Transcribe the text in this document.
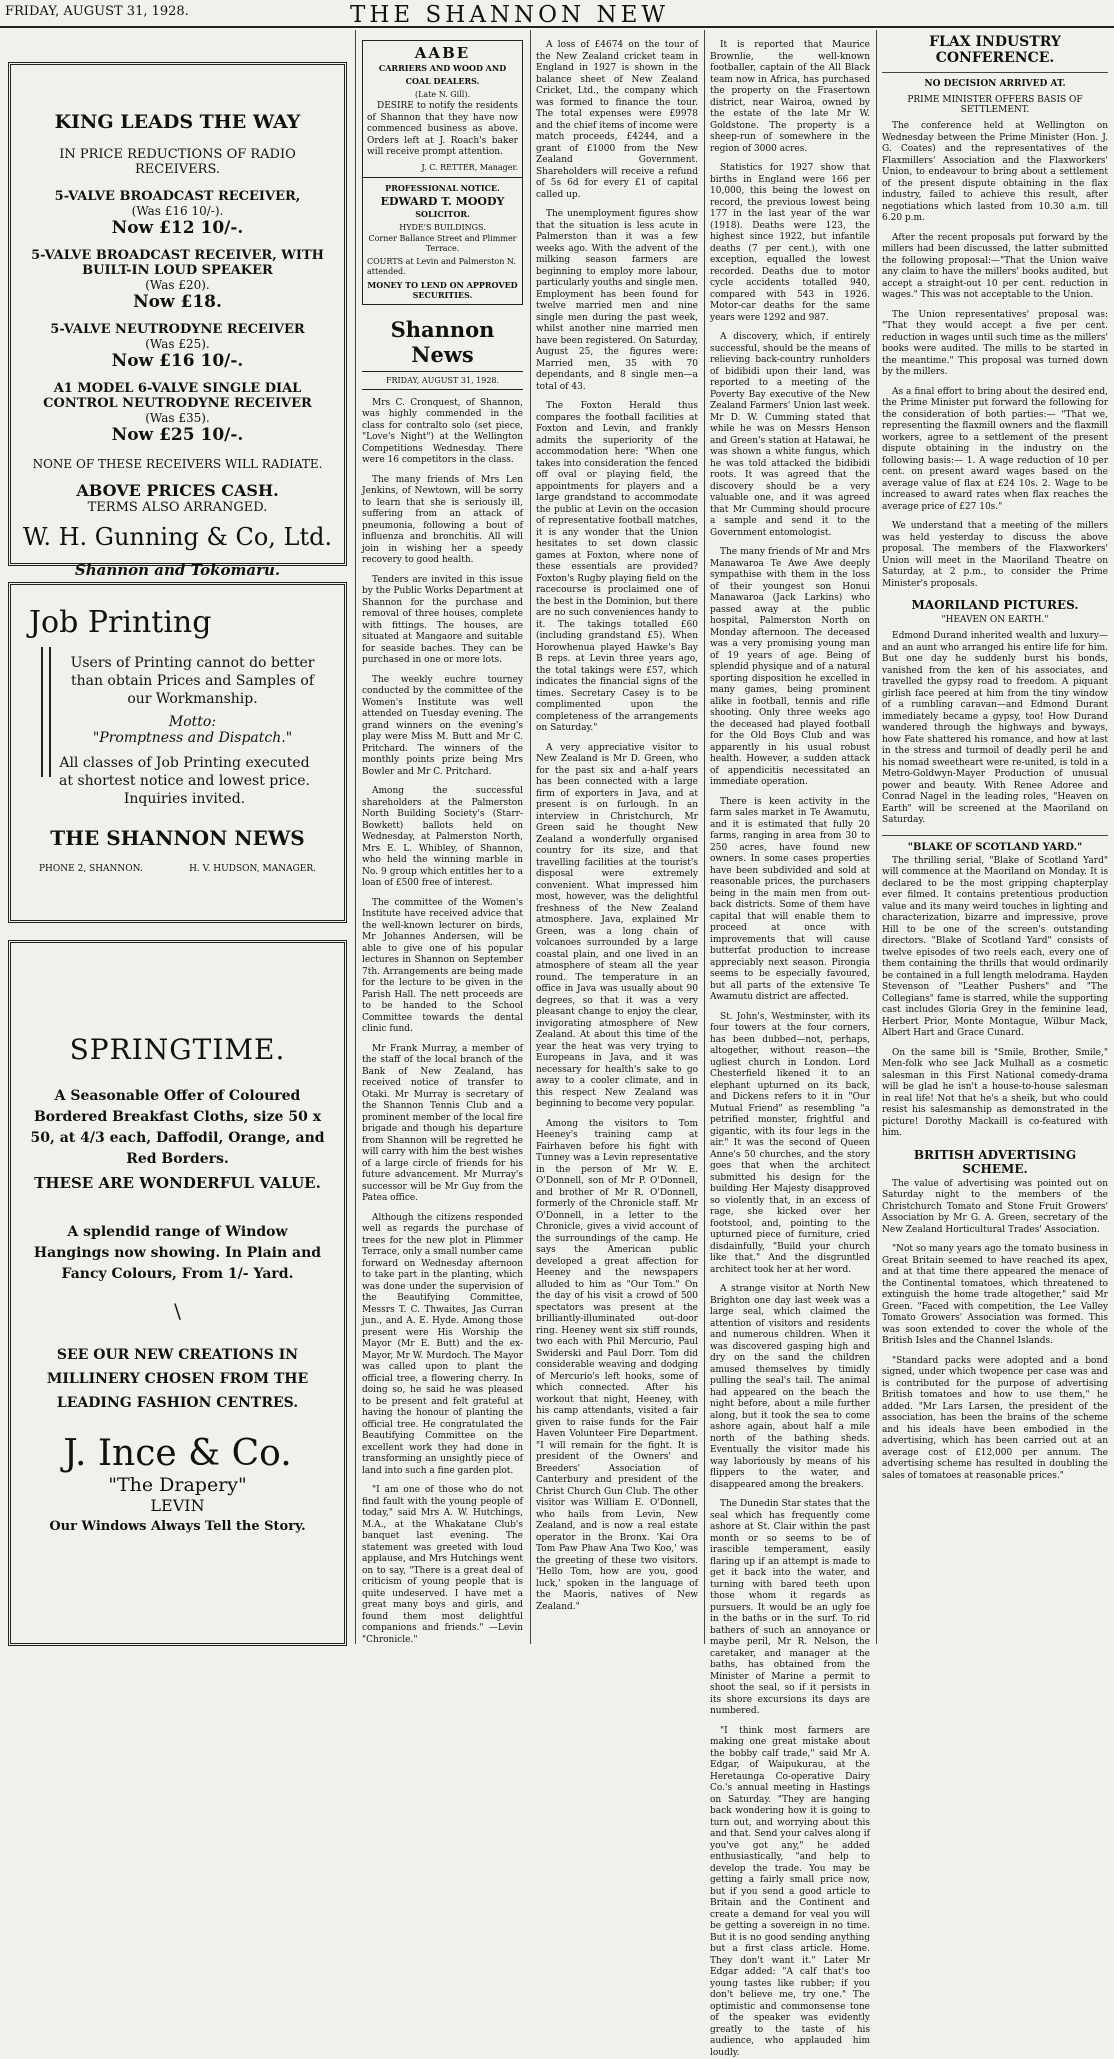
FRIDAY, AUGUST 31, 1928.	THE SHANNON NEW
KING LEADS THE WAY
IN PRICE REDUCTIONS OF RADIO RECEIVERS.
5-VALVE BROADCAST RECEIVER,
(Was £16 10/-).
Now £12 10/-.
5-VALVE BROADCAST RECEIVER, WITH BUILT-IN LOUD SPEAKER
(Was £20).
Now £18.
5-VALVE NEUTRODYNE RECEIVER
(Was £25).
Now £16 10/-.
A1 MODEL 6-VALVE SINGLE DIAL CONTROL NEUTRODYNE RECEIVER
(Was £35).
Now £25 10/-.
NONE OF THESE RECEIVERS WILL RADIATE.
ABOVE PRICES CASH.
TERMS ALSO ARRANGED.
W. H. Gunning & Co, Ltd.
Shannon and Tokomaru.
Job Printing
Users of Printing cannot do better than obtain Prices and Samples of our Workmanship.
Motto:
"Promptness and Dispatch."
All classes of Job Printing executed at shortest notice and lowest price. Inquiries invited.
THE SHANNON NEWS
PHONE 2, SHANNON.	H. V. HUDSON, MANAGER.
SPRINGTIME.
A Seasonable Offer of Coloured Bordered Breakfast Cloths, size 50 x 50, at 4/3 each, Daffodil, Orange, and Red Borders.
THESE ARE WONDERFUL VALUE.
A splendid range of Window Hangings now showing. In Plain and Fancy Colours, From 1/- Yard.
\
SEE OUR NEW CREATIONS IN MILLINERY CHOSEN FROM THE LEADING FASHION CENTRES.
J. Ince & Co.
"The Drapery"
LEVIN
Our Windows Always Tell the Story.
AABE
CARRIERS AND WOOD AND COAL DEALERS.
(Late N. Gill).
DESIRE to notify the residents of Shannon that they have now commenced business as above. Orders left at J. Roach's baker will receive prompt attention.
J. C. RETTER, Manager.
PROFESSIONAL NOTICE.
EDWARD T. MOODY
SOLICITOR.
HYDE'S BUILDINGS.
Corner Ballance Street and Plimmer Terrace.
COURTS at Levin and Palmerston N. attended.
MONEY TO LEND ON APPROVED SECURITIES.
Shannon News
FRIDAY, AUGUST 31, 1928.

Mrs C. Cronquest, of Shannon, was highly commended in the class for contralto solo (set piece, "Love's Night") at the Wellington Competitions Wednesday. There were 16 competitors in the class.

The many friends of Mrs Len Jenkins, of Newtown, will be sorry to learn that she is seriously ill, suffering from an attack of pneumonia, following a bout of influenza and bronchitis. All will join in wishing her a speedy recovery to good health.

Tenders are invited in this issue by the Public Works Department at Shannon for the purchase and removal of three houses, complete with fittings. The houses, are situated at Mangaore and suitable for seaside baches. They can be purchased in one or more lots.

The weekly euchre tourney conducted by the committee of the Women's Institute was well attended on Tuesday evening. The grand winners on the evening's play were Miss M. Butt and Mr C. Pritchard. The winners of the monthly points prize being Mrs Bowler and Mr C. Pritchard.

Among the successful shareholders at the Palmerston North Building Society's (Starr-Bowkett) ballots held on Wednesday, at Palmerston North, Mrs E. L. Whibley, of Shannon, who held the winning marble in No. 9 group which entitles her to a loan of £500 free of interest.

The committee of the Women's Institute have received advice that the well-known lecturer on birds, Mr Johannes Andersen, will be able to give one of his popular lectures in Shannon on September 7th. Arrangements are being made for the lecture to be given in the Parish Hall. The nett proceeds are to be handed to the School Committee towards the dental clinic fund.

Mr Frank Murray, a member of the staff of the local branch of the Bank of New Zealand, has received notice of transfer to Otaki. Mr Murray is secretary of the Shannon Tennis Club and a prominent member of the local fire brigade and though his departure from Shannon will be regretted he will carry with him the best wishes of a large circle of friends for his future advancement. Mr Murray's successor will be Mr Guy from the Patea office.

Although the citizens responded well as regards the purchase of trees for the new plot in Plimmer Terrace, only a small number came forward on Wednesday afternoon to take part in the planting, which was done under the supervision of the Beautifying Committee, Messrs T. C. Thwaites, Jas Curran jun., and A. E. Hyde. Among those present were His Worship the Mayor (Mr E. Butt) and the ex-Mayor, Mr W. Murdoch. The Mayor was called upon to plant the official tree, a flowering cherry. In doing so, he said he was pleased to be present and felt grateful at having the honour of planting the official tree. He congratulated the Beautifying Committee on the excellent work they had done in transforming an unsightly piece of land into such a fine garden plot.

"I am one of those who do not find fault with the young people of today," said Mrs A. W. Hutchings, M.A., at the Whakatane Club's banquet last evening. The statement was greeted with loud applause, and Mrs Hutchings went on to say, "There is a great deal of criticism of young people that is quite undeserved. I have met a great many boys and girls, and found them most delightful companions and friends." —Levin "Chronicle."

A loss of £4674 on the tour of the New Zealand cricket team in England in 1927 is shown in the balance sheet of New Zealand Cricket, Ltd., the company which was formed to finance the tour. The total expenses were £9978 and the chief items of income were match proceeds, £4244, and a grant of £1000 from the New Zealand Government. Shareholders will receive a refund of 5s 6d for every £1 of capital called up.

The unemployment figures show that the situation is less acute in Palmerston than it was a few weeks ago. With the advent of the milking season farmers are beginning to employ more labour, particularly youths and single men. Employment has been found for twelve married men and nine single men during the past week, whilst another nine married men have been registered. On Saturday, August 25, the figures were: Married men, 35 with 70 dependants, and 8 single men—a total of 43.

The Foxton Herald thus compares the football facilities at Foxton and Levin, and frankly admits the superiority of the accommodation here: "When one takes into consideration the fenced off oval or playing field, the appointments for players and a large grandstand to accommodate the public at Levin on the occasion of representative football matches, it is any wonder that the Union hesitates to set down classic games at Foxton, where none of these essentials are provided? Foxton's Rugby playing field on the racecourse is proclaimed one of the best in the Dominion, but there are no such conveniences handy to it. The takings totalled £60 (including grandstand £5). When Horowhenua played Hawke's Bay B reps. at Levin three years ago, the total takings were £57, which indicates the financial signs of the times. Secretary Casey is to be complimented upon the completeness of the arrangements on Saturday."

A very appreciative visitor to New Zealand is Mr D. Green, who for the past six and a-half years has been connected with a large firm of exporters in Java, and at present is on furlough. In an interview in Christchurch, Mr Green said he thought New Zealand a wonderfully organised country for its size, and that travelling facilities at the tourist's disposal were extremely convenient. What impressed him most, however, was the delightful freshness of the New Zealand atmosphere. Java, explained Mr Green, was a long chain of volcanoes surrounded by a large coastal plain, and one lived in an atmosphere of steam all the year round. The temperature in an office in Java was usually about 90 degrees, so that it was a very pleasant change to enjoy the clear, invigorating atmosphere of New Zealand. At about this time of the year the heat was very trying to Europeans in Java, and it was necessary for health's sake to go away to a cooler climate, and in this respect New Zealand was beginning to become very popular.

Among the visitors to Tom Heeney's training camp at Fairhaven before his fight with Tunney was a Levin representative in the person of Mr W. E. O'Donnell, son of Mr P. O'Donnell, and brother of Mr R. O'Donnell, formerly of the Chronicle staff. Mr O'Donnell, in a letter to the Chronicle, gives a vivid account of the surroundings of the camp. He says the American public developed a great affection for Heeney and the newspapers alluded to him as "Our Tom." On the day of his visit a crowd of 500 spectators was present at the brilliantly-illuminated out-door ring. Heeney went six stiff rounds, two each with Phil Mercurio, Paul Swiderski and Paul Dorr. Tom did considerable weaving and dodging of Mercurio's left hooks, some of which connected. After his workout that night, Heeney, with his camp attendants, visited a fair given to raise funds for the Fair Haven Volunteer Fire Department. "I will remain for the fight. It is president of the Owners' and Breeders' Association of Canterbury and president of the Christ Church Gun Club. The other visitor was William E. O'Donnell, who hails from Levin, New Zealand, and is now a real estate operator in the Bronx. 'Kai Ora Tom Paw Phaw Ana Two Koo,' was the greeting of these two visitors. 'Hello Tom, how are you, good luck,' spoken in the language of the Maoris, natives of New Zealand."

It is reported that Maurice Brownlie, the well-known footballer, captain of the All Black team now in Africa, has purchased the property on the Frasertown district, near Wairoa, owned by the estate of the late Mr W. Goldstone. The property is a sheep-run of somewhere in the region of 3000 acres.

Statistics for 1927 show that births in England were 166 per 10,000, this being the lowest on record, the previous lowest being 177 in the last year of the war (1918). Deaths were 123, the highest since 1922, but infantile deaths (7 per cent.), with one exception, equalled the lowest recorded. Deaths due to motor cycle accidents totalled 940, compared with 543 in 1926. Motor-car deaths for the same years were 1292 and 987.

A discovery, which, if entirely successful, should be the means of relieving back-country runholders of bidibidi upon their land, was reported to a meeting of the Poverty Bay executive of the New Zealand Farmers' Union last week. Mr D. W. Cumming stated that while he was on Messrs Henson and Green's station at Hatawai, he was shown a white fungus, which he was told attacked the bidibidi roots. It was agreed that the discovery should be a very valuable one, and it was agreed that Mr Cumming should procure a sample and send it to the Government entomologist.

The many friends of Mr and Mrs Manawaroa Te Awe Awe deeply sympathise with them in the loss of their youngest son Honui Manawaroa (Jack Larkins) who passed away at the public hospital, Palmerston North on Monday afternoon. The deceased was a very promising young man of 19 years of age. Being of splendid physique and of a natural sporting disposition he excelled in many games, being prominent alike in football, tennis and rifle shooting. Only three weeks ago the deceased had played football for the Old Boys Club and was apparently in his usual robust health. However, a sudden attack of appendicitis necessitated an immediate operation.

There is keen activity in the farm sales market in Te Awamutu, and it is estimated that fully 20 farms, ranging in area from 30 to 250 acres, have found new owners. In some cases properties have been subdivided and sold at reasonable prices, the purchasers being in the main men from out-back districts. Some of them have capital that will enable them to proceed at once with improvements that will cause butterfat production to increase appreciably next season. Pirongia seems to be especially favoured, but all parts of the extensive Te Awamutu district are affected.

St. John's, Westminster, with its four towers at the four corners, has been dubbed—not, perhaps, altogether, without reason—the ugliest church in London. Lord Chesterfield likened it to an elephant upturned on its back, and Dickens refers to it in "Our Mutual Friend" as resembling "a petrified monster, frightful and gigantic, with its four legs in the air." It was the second of Queen Anne's 50 churches, and the story goes that when the architect submitted his design for the building Her Majesty disapproved so violently that, in an excess of rage, she kicked over her footstool, and, pointing to the upturned piece of furniture, cried disdainfully, "Build your church like that." And the disgruntled architect took her at her word.

A strange visitor at North New Brighton one day last week was a large seal, which claimed the attention of visitors and residents and numerous children. When it was discovered gasping high and dry on the sand the children amused themselves by timidly pulling the seal's tail. The animal had appeared on the beach the night before, about a mile further along, but it took the sea to come ashore again, about half a mile north of the bathing sheds. Eventually the visitor made his way laboriously by means of his flippers to the water, and disappeared among the breakers.

The Dunedin Star states that the seal which has frequently come ashore at St. Clair within the past month or so seems to be of irascible temperament, easily flaring up if an attempt is made to get it back into the water, and turning with bared teeth upon those whom it regards as pursuers. It would be an ugly foe in the baths or in the surf. To rid bathers of such an annoyance or maybe peril, Mr R. Nelson, the caretaker, and manager at the baths, has obtained from the Minister of Marine a permit to shoot the seal, so if it persists in its shore excursions its days are numbered.

"I think most farmers are making one great mistake about the bobby calf trade," said Mr A. Edgar, of Waipukurau, at the Heretaunga Co-operative Dairy Co.'s annual meeting in Hastings on Saturday. "They are hanging back wondering how it is going to turn out, and worrying about this and that. Send your calves along if you've got any," he added enthusiastically, "and help to develop the trade. You may be getting a fairly small price now, but if you send a good article to Britain and the Continent and create a demand for veal you will be getting a sovereign in no time. But it is no good sending anything but a first class article. Home. They don't want it." Later Mr Edgar added: "A calf that's too young tastes like rubber; if you don't believe me, try one." The optimistic and commonsense tone of the speaker was evidently greatly to the taste of his audience, who applauded him loudly.

FLAX INDUSTRY CONFERENCE.
NO DECISION ARRIVED AT.
PRIME MINISTER OFFERS BASIS OF SETTLEMENT.

The conference held at Wellington on Wednesday between the Prime Minister (Hon. J. G. Coates) and the representatives of the Flaxmillers' Association and the Flaxworkers' Union, to endeavour to bring about a settlement of the present dispute obtaining in the flax industry, failed to achieve this result, after negotiations which lasted from 10.30 a.m. till 6.20 p.m.

After the recent proposals put forward by the millers had been discussed, the latter submitted the following proposal:—"That the Union waive any claim to have the millers' books audited, but accept a straight-out 10 per cent. reduction in wages." This was not acceptable to the Union.

The Union representatives' proposal was: "That they would accept a five per cent. reduction in wages until such time as the millers' books were audited. The mills to be started in the meantime." This proposal was turned down by the millers.

As a final effort to bring about the desired end, the Prime Minister put forward the following for the consideration of both parties:— "That we, representing the flaxmill owners and the flaxmill workers, agree to a settlement of the present dispute obtaining in the industry on the following basis:— 1. A wage reduction of 10 per cent. on present award wages based on the average value of flax at £24 10s. 2. Wage to be increased to award rates when flax reaches the average price of £27 10s."

We understand that a meeting of the millers was held yesterday to discuss the above proposal. The members of the Flaxworkers' Union will meet in the Maoriland Theatre on Saturday, at 2 p.m., to consider the Prime Minister's proposals.

MAORILAND PICTURES.
"HEAVEN ON EARTH."

Edmond Durand inherited wealth and luxury—and an aunt who arranged his entire life for him. But one day he suddenly burst his bonds, vanished from the ken of his associates, and travelled the gypsy road to freedom. A piquant girlish face peered at him from the tiny window of a rumbling caravan—and Edmond Durant immediately became a gypsy, too! How Durand wandered through the highways and byways, how Fate shattered his romance, and how at last in the stress and turmoil of deadly peril he and his nomad sweetheart were re-united, is told in a Metro-Goldwyn-Mayer Production of unusual power and beauty. With Renee Adoree and Conrad Nagel in the leading roles, "Heaven on Earth" will be screened at the Maoriland on Saturday.

"BLAKE OF SCOTLAND YARD."

The thrilling serial, "Blake of Scotland Yard" will commence at the Maoriland on Monday. It is declared to be the most gripping chapterplay ever filmed. It contains pretentious production value and its many weird touches in lighting and characterization, bizarre and impressive, prove Hill to be one of the screen's outstanding directors. "Blake of Scotland Yard" consists of twelve episodes of two reels each, every one of them containing the thrills that would ordinarily be contained in a full length melodrama. Hayden Stevenson of "Leather Pushers" and "The Collegians" fame is starred, while the supporting cast includes Gloria Grey in the feminine lead, Herbert Prior, Monte Montague, Wilbur Mack, Albert Hart and Grace Cunard.

On the same bill is "Smile, Brother, Smile," Men-folk who see Jack Mulhall as a cosmetic salesman in this First National comedy-drama will be glad he isn't a house-to-house salesman in real life! Not that he's a sheik, but who could resist his salesmanship as demonstrated in the picture! Dorothy Mackaill is co-featured with him.

BRITISH ADVERTISING SCHEME.

The value of advertising was pointed out on Saturday night to the members of the Christchurch Tomato and Stone Fruit Growers' Association by Mr G. A. Green, secretary of the New Zealand Horticultural Trades' Association.

"Not so many years ago the tomato business in Great Britain seemed to have reached its apex, and at that time there appeared the menace of the Continental tomatoes, which threatened to extinguish the home trade altogether," said Mr Green. "Faced with competition, the Lee Valley Tomato Growers' Association was formed. This was soon extended to cover the whole of the British Isles and the Channel Islands.

"Standard packs were adopted and a bond signed, under which twopence per case was and is contributed for the purpose of advertising British tomatoes and how to use them," he added. "Mr Lars Larsen, the president of the association, has been the brains of the scheme and his ideals have been embodied in the advertising, which has been carried out at an average cost of £12,000 per annum. The advertising scheme has resulted in doubling the sales of tomatoes at reasonable prices."
